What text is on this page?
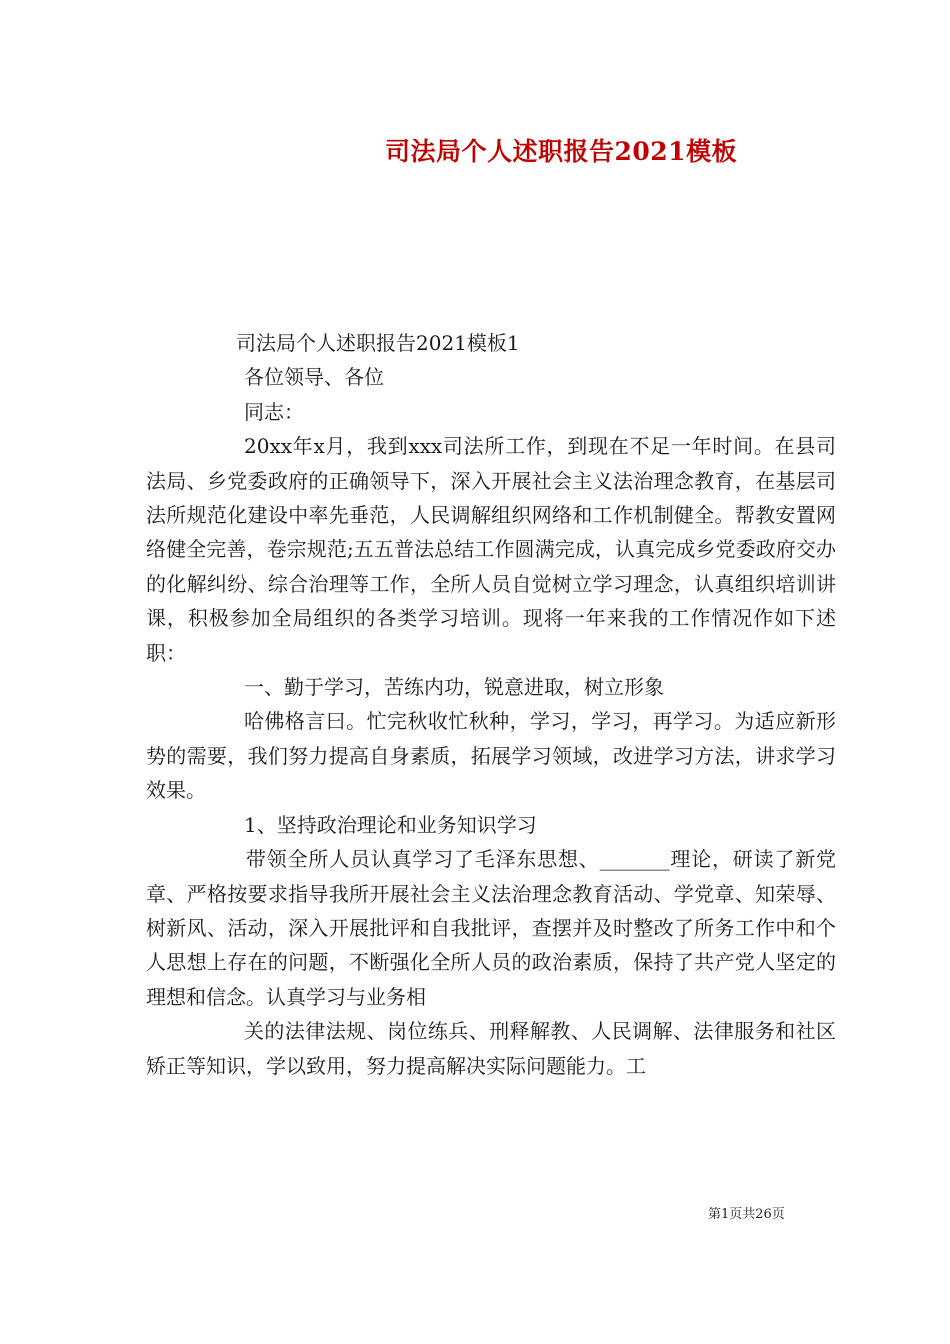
司法局个人述职报告2021模板

司法局个人述职报告2021模板1

各位领导、各位

同志：

20xx年x月，我到xxx司法所工作，到现在不足一年时间。在县司法局、乡党委政府的正确领导下，深入开展社会主义法治理念教育，在基层司法所规范化建设中率先垂范，人民调解组织网络和工作机制健全。帮教安置网络健全完善，卷宗规范;五五普法总结工作圆满完成，认真完成乡党委政府交办的化解纠纷、综合治理等工作，全所人员自觉树立学习理念，认真组织培训讲课，积极参加全局组织的各类学习培训。现将一年来我的工作情况作如下述职：

一、勤于学习，苦练内功，锐意进取，树立形象

哈佛格言曰。忙完秋收忙秋种，学习，学习，再学习。为适应新形势的需要，我们努力提高自身素质，拓展学习领域，改进学习方法，讲求学习效果。

1、坚持政治理论和业务知识学习

带领全所人员认真学习了毛泽东思想、_______理论，研读了新党章、严格按要求指导我所开展社会主义法治理念教育活动、学党章、知荣辱、树新风、活动，深入开展批评和自我批评，查摆并及时整改了所务工作中和个人思想上存在的问题，不断强化全所人员的政治素质，保持了共产党人坚定的理想和信念。认真学习与业务相

关的法律法规、岗位练兵、刑释解教、人民调解、法律服务和社区矫正等知识，学以致用，努力提高解决实际问题能力。工

第1页共26页
